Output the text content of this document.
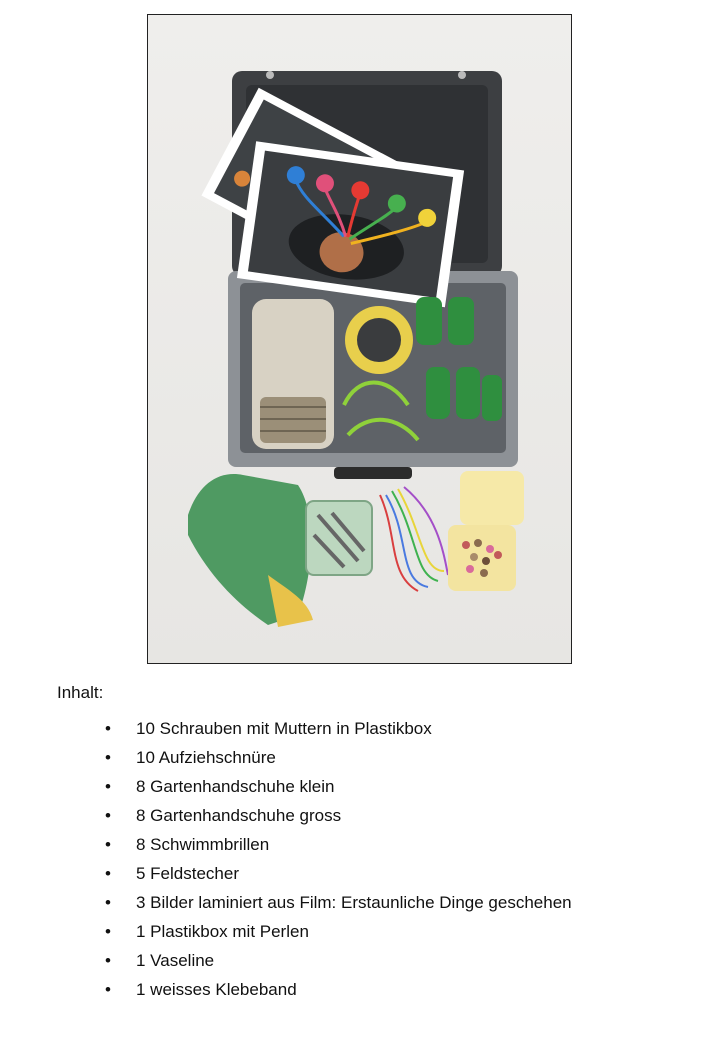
Inhalt:
• 10 Schrauben mit Muttern in Plastikbox
• 10 Aufziehschnüre
• 8 Gartenhandschuhe klein
• 8 Gartenhandschuhe gross
• 8 Schwimmbrillen
• 5 Feldstecher
• 3 Bilder laminiert aus Film: Erstaunliche Dinge geschehen
• 1 Plastikbox mit Perlen
• 1 Vaseline
• 1 weisses Klebeband
